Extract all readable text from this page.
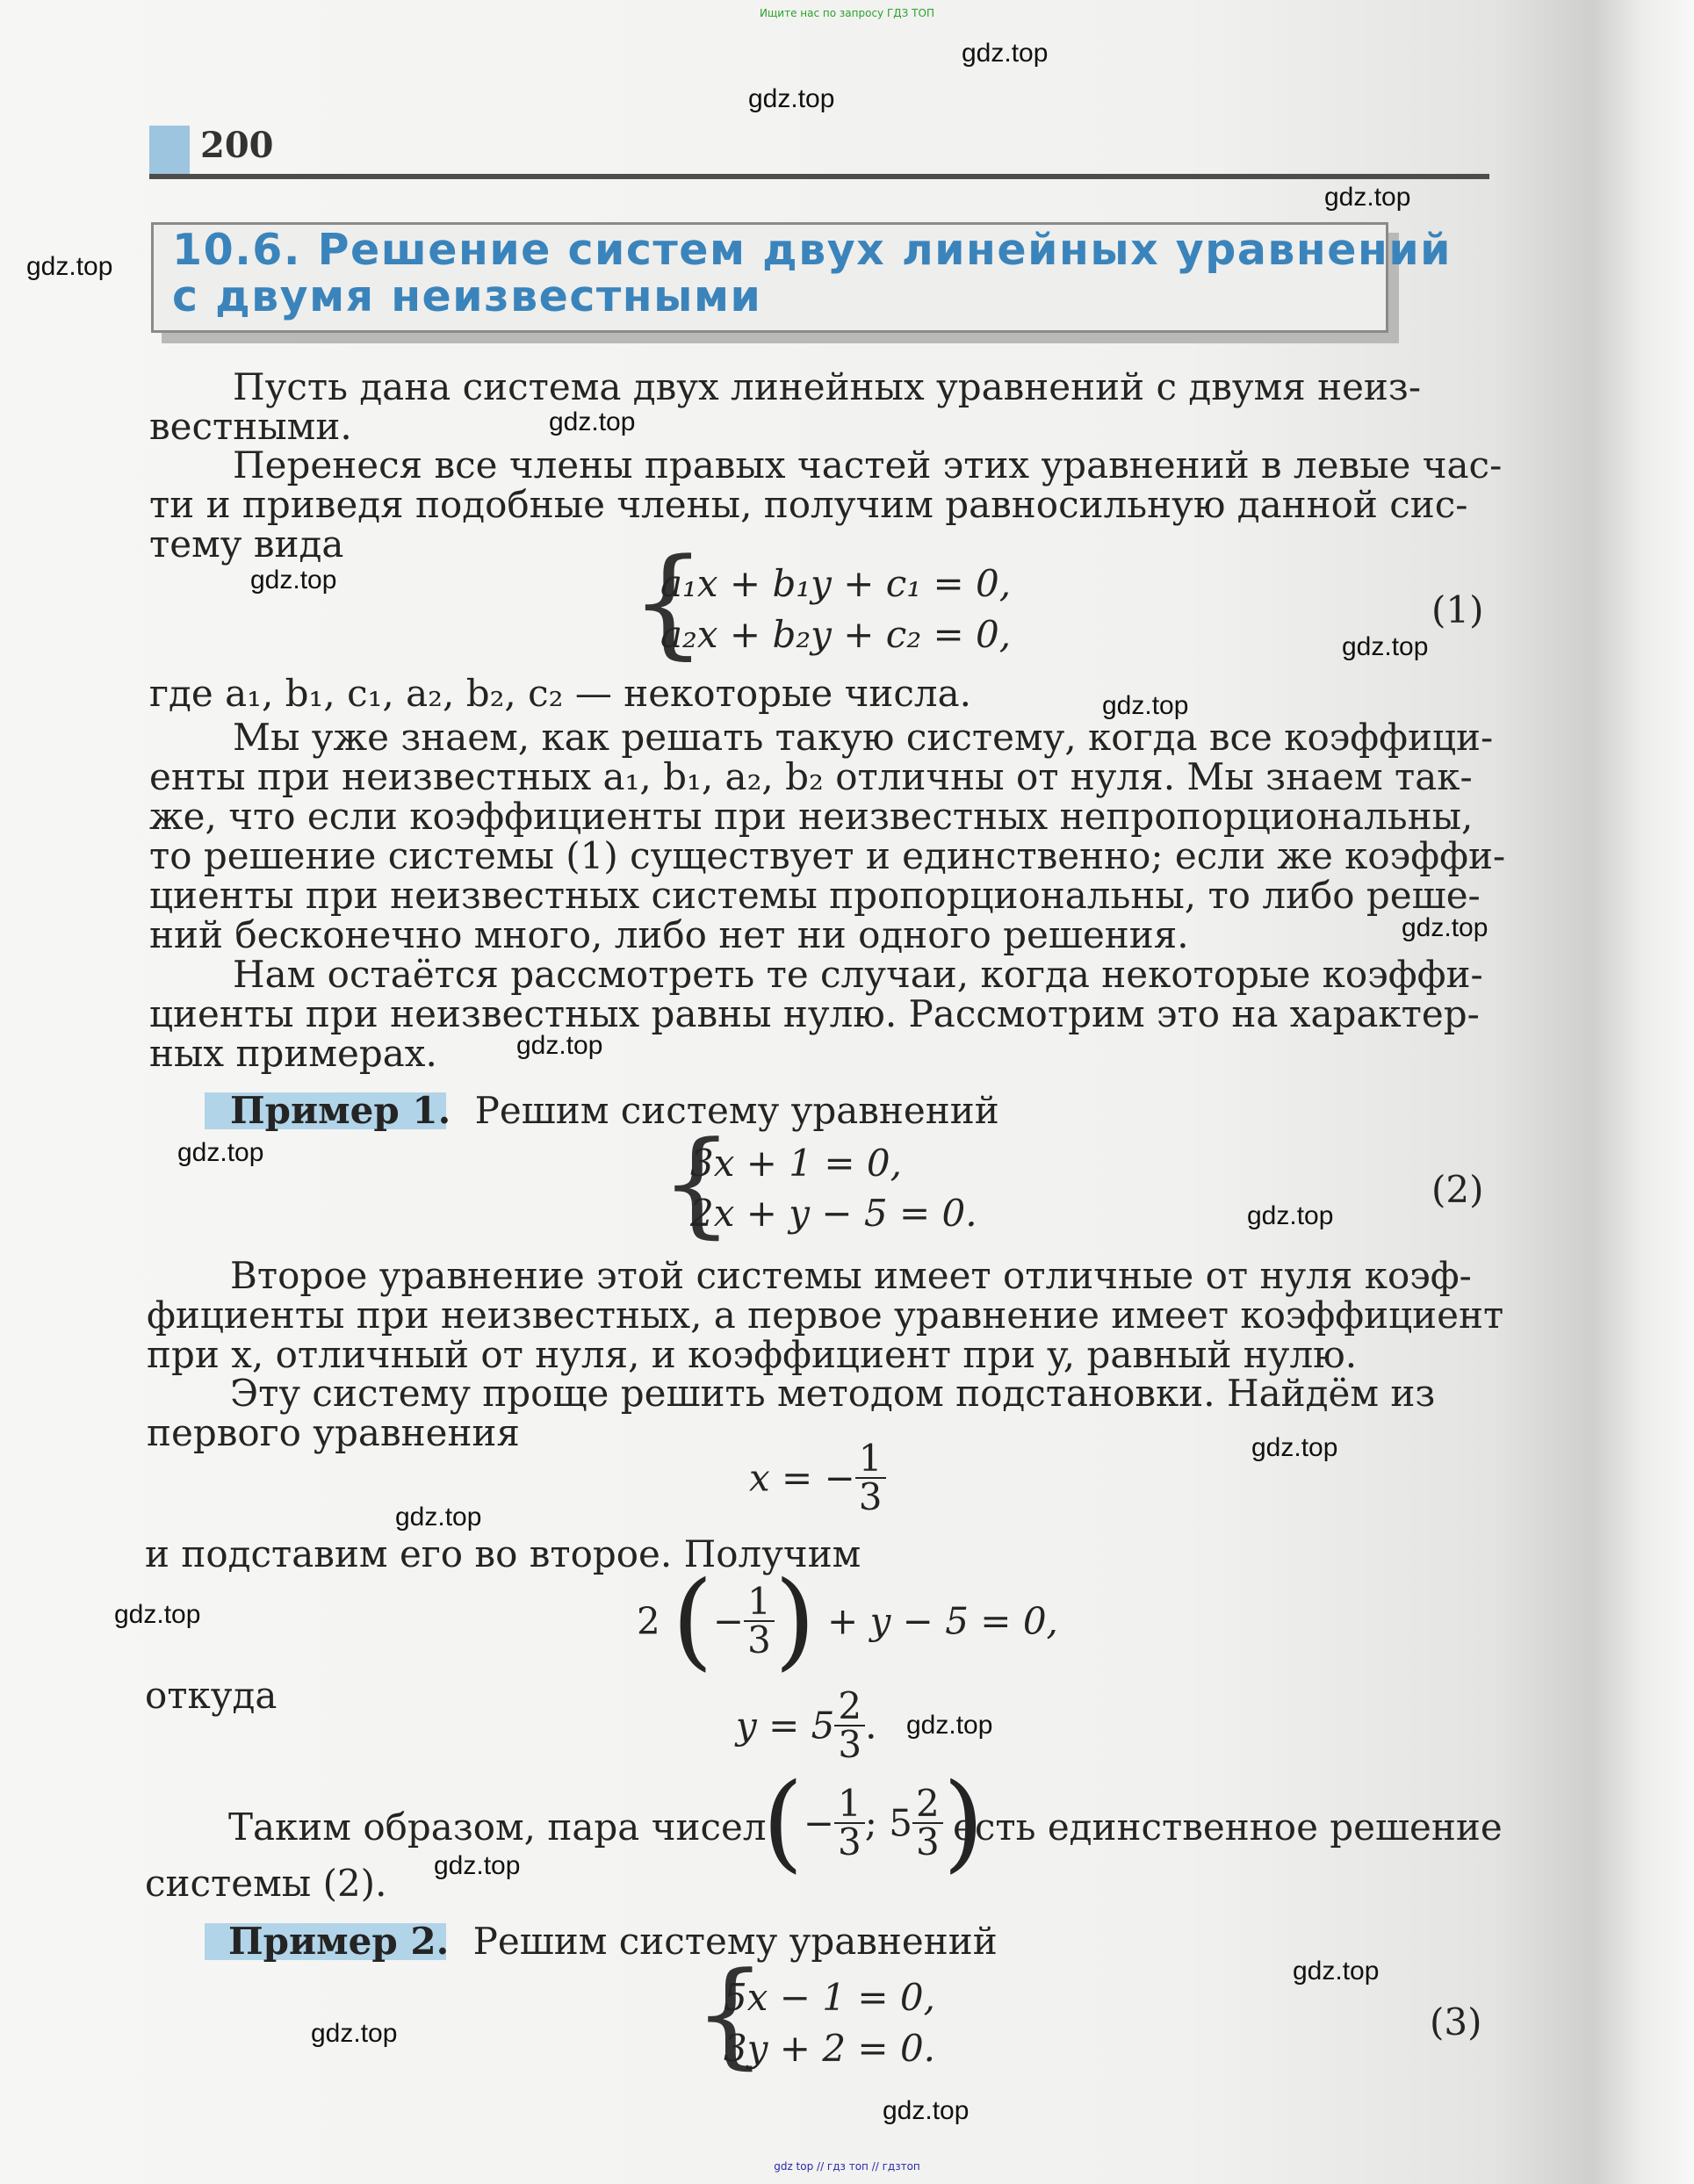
Ищите нас по запросу ГДЗ ТОП
gdz.top
gdz.top
gdz.top
gdz.top
gdz.top
gdz.top
gdz.top
gdz.top
gdz.top
gdz.top
gdz.top
gdz.top
gdz.top
gdz.top
gdz.top
gdz.top
gdz.top
gdz.top
gdz.top
gdz.top
200
10.6. Решение систем двух линейных уравнений
с двумя неизвестными
Пусть дана система двух линейных уравнений с двумя неиз-
вестными.
Перенеся все члены правых частей этих уравнений в левые час-
ти и приведя подобные члены, получим равносильную данной сис-
тему вида	{
a₁x + b₁y + c₁ = 0,
a₂x + b₂y + c₂ = 0,
(1)
где a₁, b₁, c₁, a₂, b₂, c₂ — некоторые числа.
Мы уже знаем, как решать такую систему, когда все коэффици-
енты при неизвестных a₁, b₁, a₂, b₂ отличны от нуля. Мы знаем так-
же, что если коэффициенты при неизвестных непропорциональны,
то решение системы (1) существует и единственно; если же коэффи-
циенты при неизвестных системы пропорциональны, то либо реше-
ний бесконечно много, либо нет ни одного решения.
Нам остаётся рассмотреть те случаи, когда некоторые коэффи-
циенты при неизвестных равны нулю. Рассмотрим это на характер-
ных примерах.
Пример 1. Решим систему уравнений
{
3x + 1 = 0,
2x + y − 5 = 0.
(2)
Второе уравнение этой системы имеет отличные от нуля коэф-
фициенты при неизвестных, а первое уравнение имеет коэффициент
при x, отличный от нуля, и коэффициент при y, равный нулю.
Эту систему проще решить методом подстановки. Найдём из
первого уравнения
x = − $\frac{1}{3}$
и подставим его во второе. Получим
2 (− $\frac{1}{3}$ ) + y − 5 = 0,
откуда
$y = 5 \frac{2}{3}$ .
Таким образом, пара чисел
(− $\frac{1}{3}$ ; $5 \frac{2}{3}$ )
есть единственное решение
системы (2).
Пример 2. Решим систему уравнений
{
5x − 1 = 0,
3y + 2 = 0.
(3)
gdz top // гдз топ // гдзтоп
